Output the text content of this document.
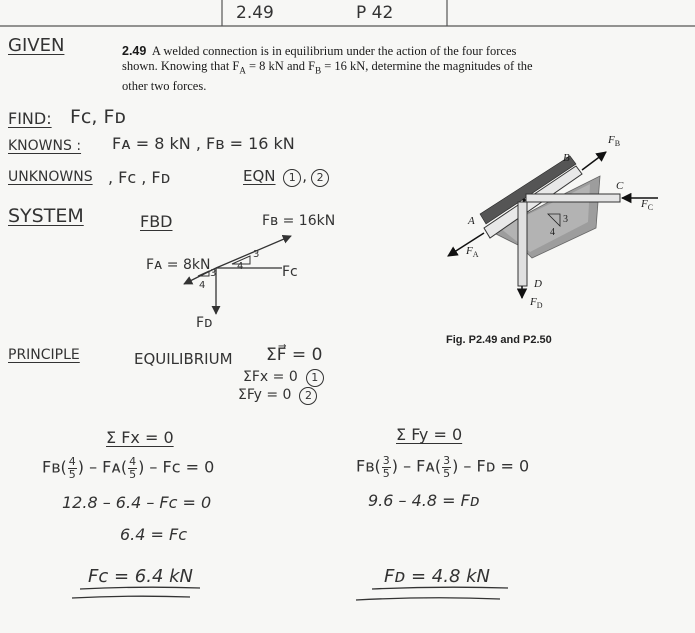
2.49	P 42
GIVEN	2.49 A welded connection is in equilibrium under the action of the four forces shown. Knowing that $F_A = 8$ kN and $F_B = 16$ kN, determine the magnitudes of the other two forces.
FIND: Fᴄ, Fᴅ
KNOWNS : Fᴀ = 8 kN , Fʙ = 16 kN
UNKNOWNS , Fᴄ , Fᴅ	EQN 1 , 2
SYSTEM	FBD	Fʙ = 16kN
Fᴀ = 8kN	Fᴄ
Fᴅ
3
4
3
4
A
B
C
D
$F_A$
$F_B$
$F_C$
$F_D$
3
4
Fig. P2.49 and P2.50
PRINCIPLE	EQUILIBRIUM ΣF⃗ = 0
ΣFx = 0 1
ΣFy = 0 2
Σ Fx = 0
Fʙ( $\frac{4}{5}$ ) – Fᴀ( $\frac{4}{5}$ ) – Fᴄ = 0
12.8 – 6.4 – Fᴄ = 0
6.4 = Fᴄ
Fᴄ = 6.4 kN
Σ Fy = 0
Fʙ( $\frac{3}{5}$ ) – Fᴀ( $\frac{3}{5}$ ) – Fᴅ = 0
9.6 – 4.8 = Fᴅ
Fᴅ = 4.8 kN
